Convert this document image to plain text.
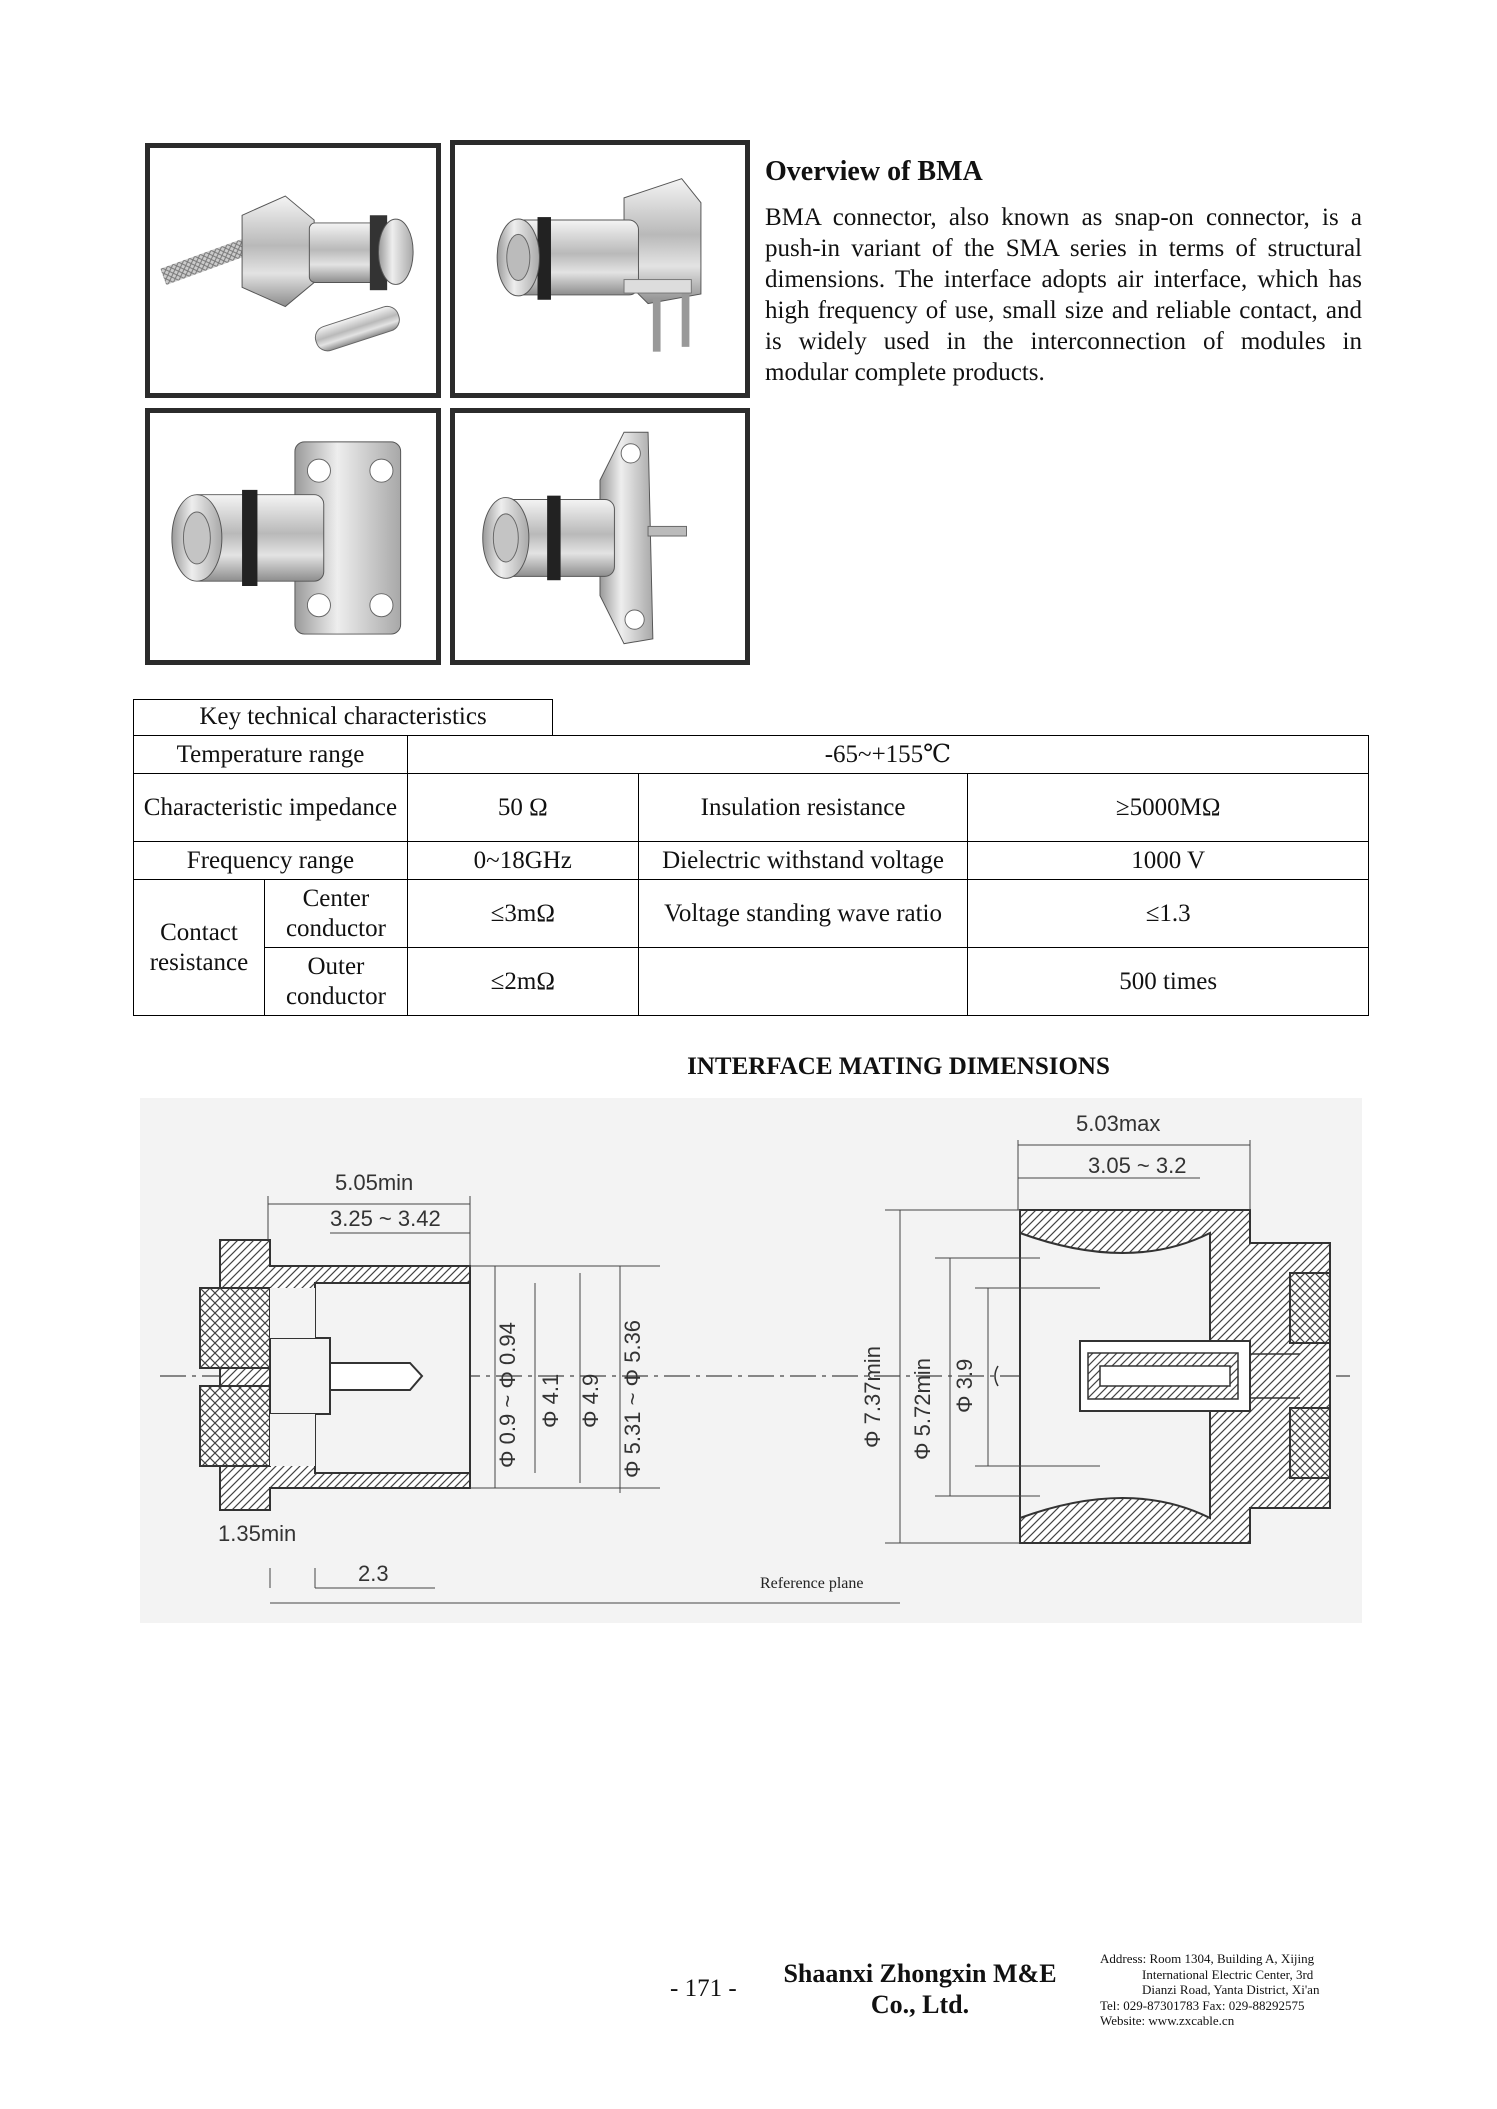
Overview of BMA

BMA connector, also known as snap-on connector, is a push-in variant of the SMA series in terms of structural dimensions. The interface adopts air interface, which has high frequency of use, small size and reliable contact, and is widely used in the interconnection of modules in modular complete products.

Key technical characteristics
Temperature range		-65~+155℃		
Characteristic impedance		50 Ω	Insulation resistance	≥5000MΩ
Frequency range		0~18GHz	Dielectric withstand voltage	1000 V
Contact resistance	Center conductor	≤3mΩ	Voltage standing wave ratio	≤1.3
	Outer conductor	≤2mΩ		500 times
INTERFACE MATING DIMENSIONS
5.05min
3.25 ~ 3.42
1.35min
2.3
Φ 0.9 ~ Φ 0.94 Φ 4.1 Φ 4.9 Φ 5.31 ~ Φ 5.36
5.03max
3.05 ~ 3.2
Φ 7.37min Φ 5.72min Φ 3.9
Reference plane
- 171 -
Shaanxi Zhongxin M&E
Co., Ltd.
Address: Room 1304, Building A, Xijing
International Electric Center, 3rd
Dianzi Road, Yanta District, Xi'an
Tel: 029-87301783 Fax: 029-88292575
Website: www.zxcable.cn
